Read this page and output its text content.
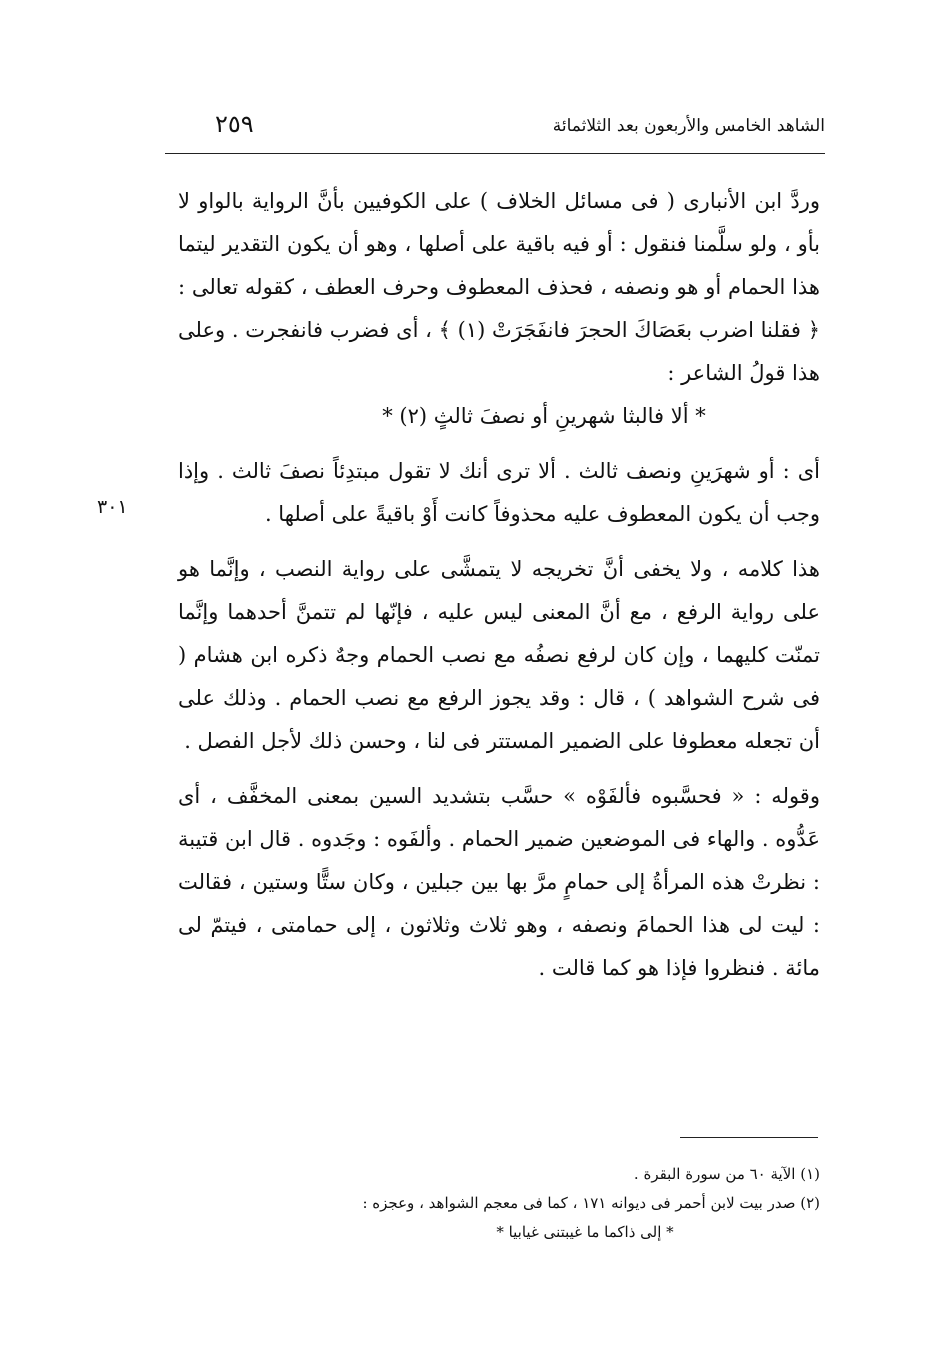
الشاهد الخامس والأربعون بعد الثلاثمائة
٢٥٩
٣٠١

وردَّ ابن الأنبارى ( فى مسائل الخلاف ) على الكوفيين بأنَّ الرواية بالواو لا بأو ، ولو سلَّمنا فنقول : أو فيه باقية على أصلها ، وهو أن يكون التقدير ليتما هذا الحمام أو هو ونصفه ، فحذف المعطوف وحرف العطف ، كقوله تعالى : ﴿ فقلنا اضرب بعَصَاكَ الحجرَ فانفَجَرَتْ (١) ﴾ ، أى فضرب فانفجرت . وعلى هذا قولُ الشاعر :

* ألا فالبثا شهرينِ أو نصفَ ثالثٍ (٢) *

أى : أو شهرَينِ ونصف ثالث . ألا ترى أنك لا تقول مبتدِئاً نصفَ ثالث . وإذا وجب أن يكون المعطوف عليه محذوفاً كانت أَوْ باقيةً على أصلها .

هذا كلامه ، ولا يخفى أنَّ تخريجه لا يتمشَّى على رواية النصب ، وإنَّما هو على رواية الرفع ، مع أنَّ المعنى ليس عليه ، فإنّها لم تتمنَّ أحدهما وإنَّما تمنّت كليهما ، وإن كان لرفع نصفُه مع نصب الحمام وجهٌ ذكره ابن هشام ( فى شرح الشواهد ) ، قال : وقد يجوز الرفع مع نصب الحمام . وذلك على أن تجعله معطوفا على الضمير المستتر فى لنا ، وحسن ذلك لأجل الفصل .

وقوله : « فحسَّبوه فألفَوْه » حسَّب بتشديد السين بمعنى المخفَّف ، أى عَدُّوه . والهاء فى الموضعين ضمير الحمام . وألفَوه : وجَدوه . قال ابن قتيبة : نظرتْ هذه المرأةُ إلى حمامٍ مرَّ بها بين جبلين ، وكان ستًّا وستين ، فقالت : ليت لى هذا الحمامَ ونصفه ، وهو ثلاث وثلاثون ، إلى حمامتى ، فيتمّ لى مائة . فنظروا فإذا هو كما قالت .

(١) الآية ٦٠ من سورة البقرة .

(٢) صدر بيت لابن أحمر فى ديوانه ١٧١ ، كما فى معجم الشواهد ، وعجزه :

* إلى ذاكما ما غيبتنى غيابيا *
